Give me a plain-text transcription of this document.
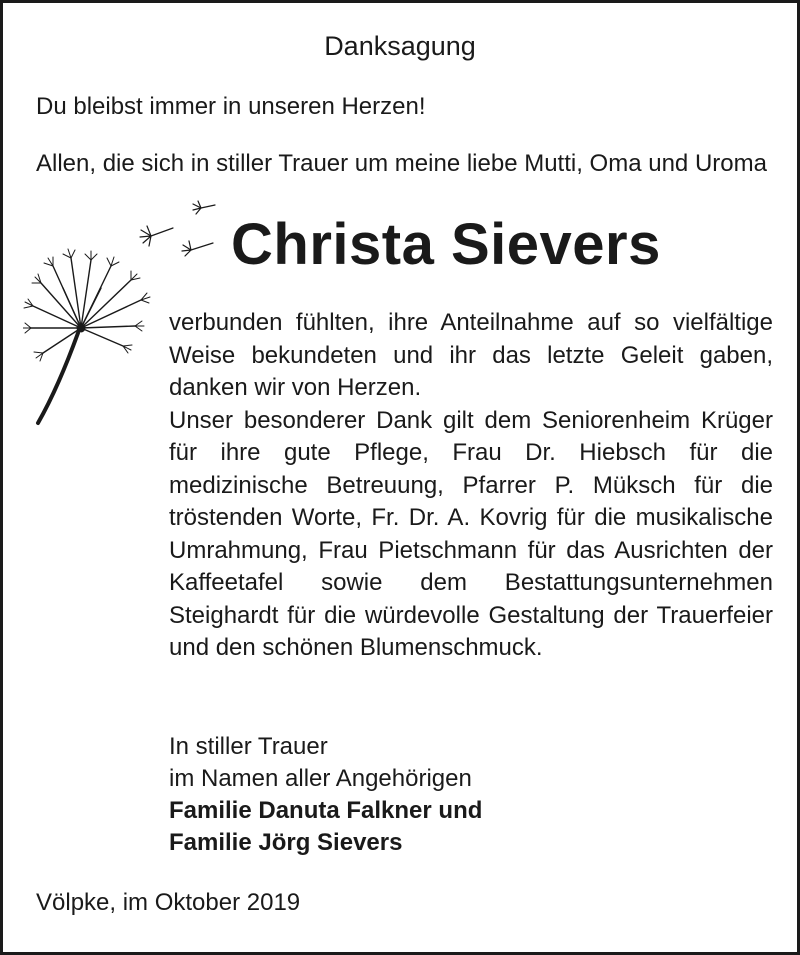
Danksagung
Du bleibst immer in unseren Herzen!
Allen, die sich in stiller Trauer um meine liebe Mutti, Oma und Uroma
Christa Sievers

verbunden fühlten, ihre Anteilnahme auf so vielfältige Weise bekundeten und ihr das letzte Geleit gaben, danken wir von Herzen.

Unser besonderer Dank gilt dem Seniorenheim Krüger für ihre gute Pflege, Frau Dr. Hiebsch für die medizinische Betreuung, Pfarrer P. Müksch für die tröstenden Worte, Fr. Dr. A. Kovrig für die musikalische Umrahmung, Frau Pietschmann für das Ausrichten der Kaffeetafel sowie dem Bestattungsunternehmen Steighardt für die würdevolle Gestaltung der Trauerfeier und den schönen Blumenschmuck.

In stiller Trauer
im Namen aller Angehörigen
Familie Danuta Falkner und
Familie Jörg Sievers
Völpke, im Oktober 2019
